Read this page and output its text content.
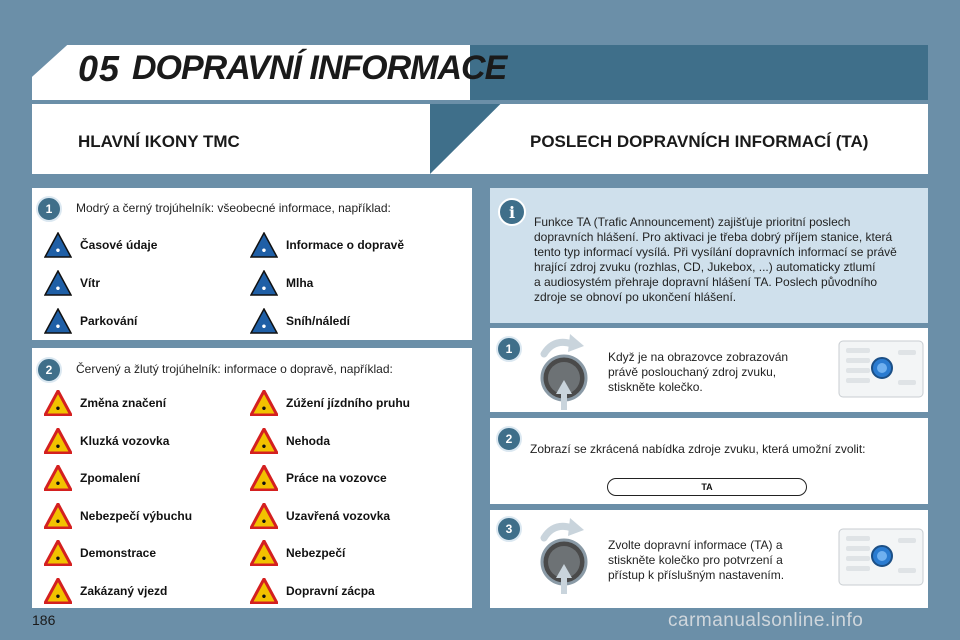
05 DOPRAVNÍ INFORMACE
HLAVNÍ IKONY TMC	POSLECH DOPRAVNÍCH INFORMACÍ (TA)
1	Modrý a černý trojúhelník: všeobecné informace, například:
• Časové údaje	• Informace o dopravě
• Vítr	• Mlha
• Parkování	• Sníh/náledí
2	Červený a žlutý trojúhelník: informace o dopravě, například:
• Změna značení	• Zúžení jízdního pruhu
• Kluzká vozovka	• Nehoda
• Zpomalení	• Práce na vozovce
• Nebezpečí výbuchu	• Uzavřená vozovka
• Demonstrace	• Nebezpečí
• Zakázaný vjezd	• Dopravní zácpa
i
Funkce TA (Trafic Announcement) zajišťuje prioritní poslech
dopravních hlášení. Pro aktivaci je třeba dobrý příjem stanice, která
tento typ informací vysílá. Při vysílání dopravních informací se právě
hrající zdroj zvuku (rozhlas, CD, Jukebox, ...) automaticky ztlumí
a audiosystém přehraje dopravní hlášení TA. Poslech původního
zdroje se obnoví po ukončení hlášení.
1
Když je na obrazovce zobrazován
právě poslouchaný zdroj zvuku,
stiskněte kolečko.
2
Zobrazí se zkrácená nabídka zdroje zvuku, která umožní zvolit:
TA
3
Zvolte dopravní informace (TA) a
stiskněte kolečko pro potvrzení a
přístup k příslušným nastavením.
186	carmanualsonline.info
